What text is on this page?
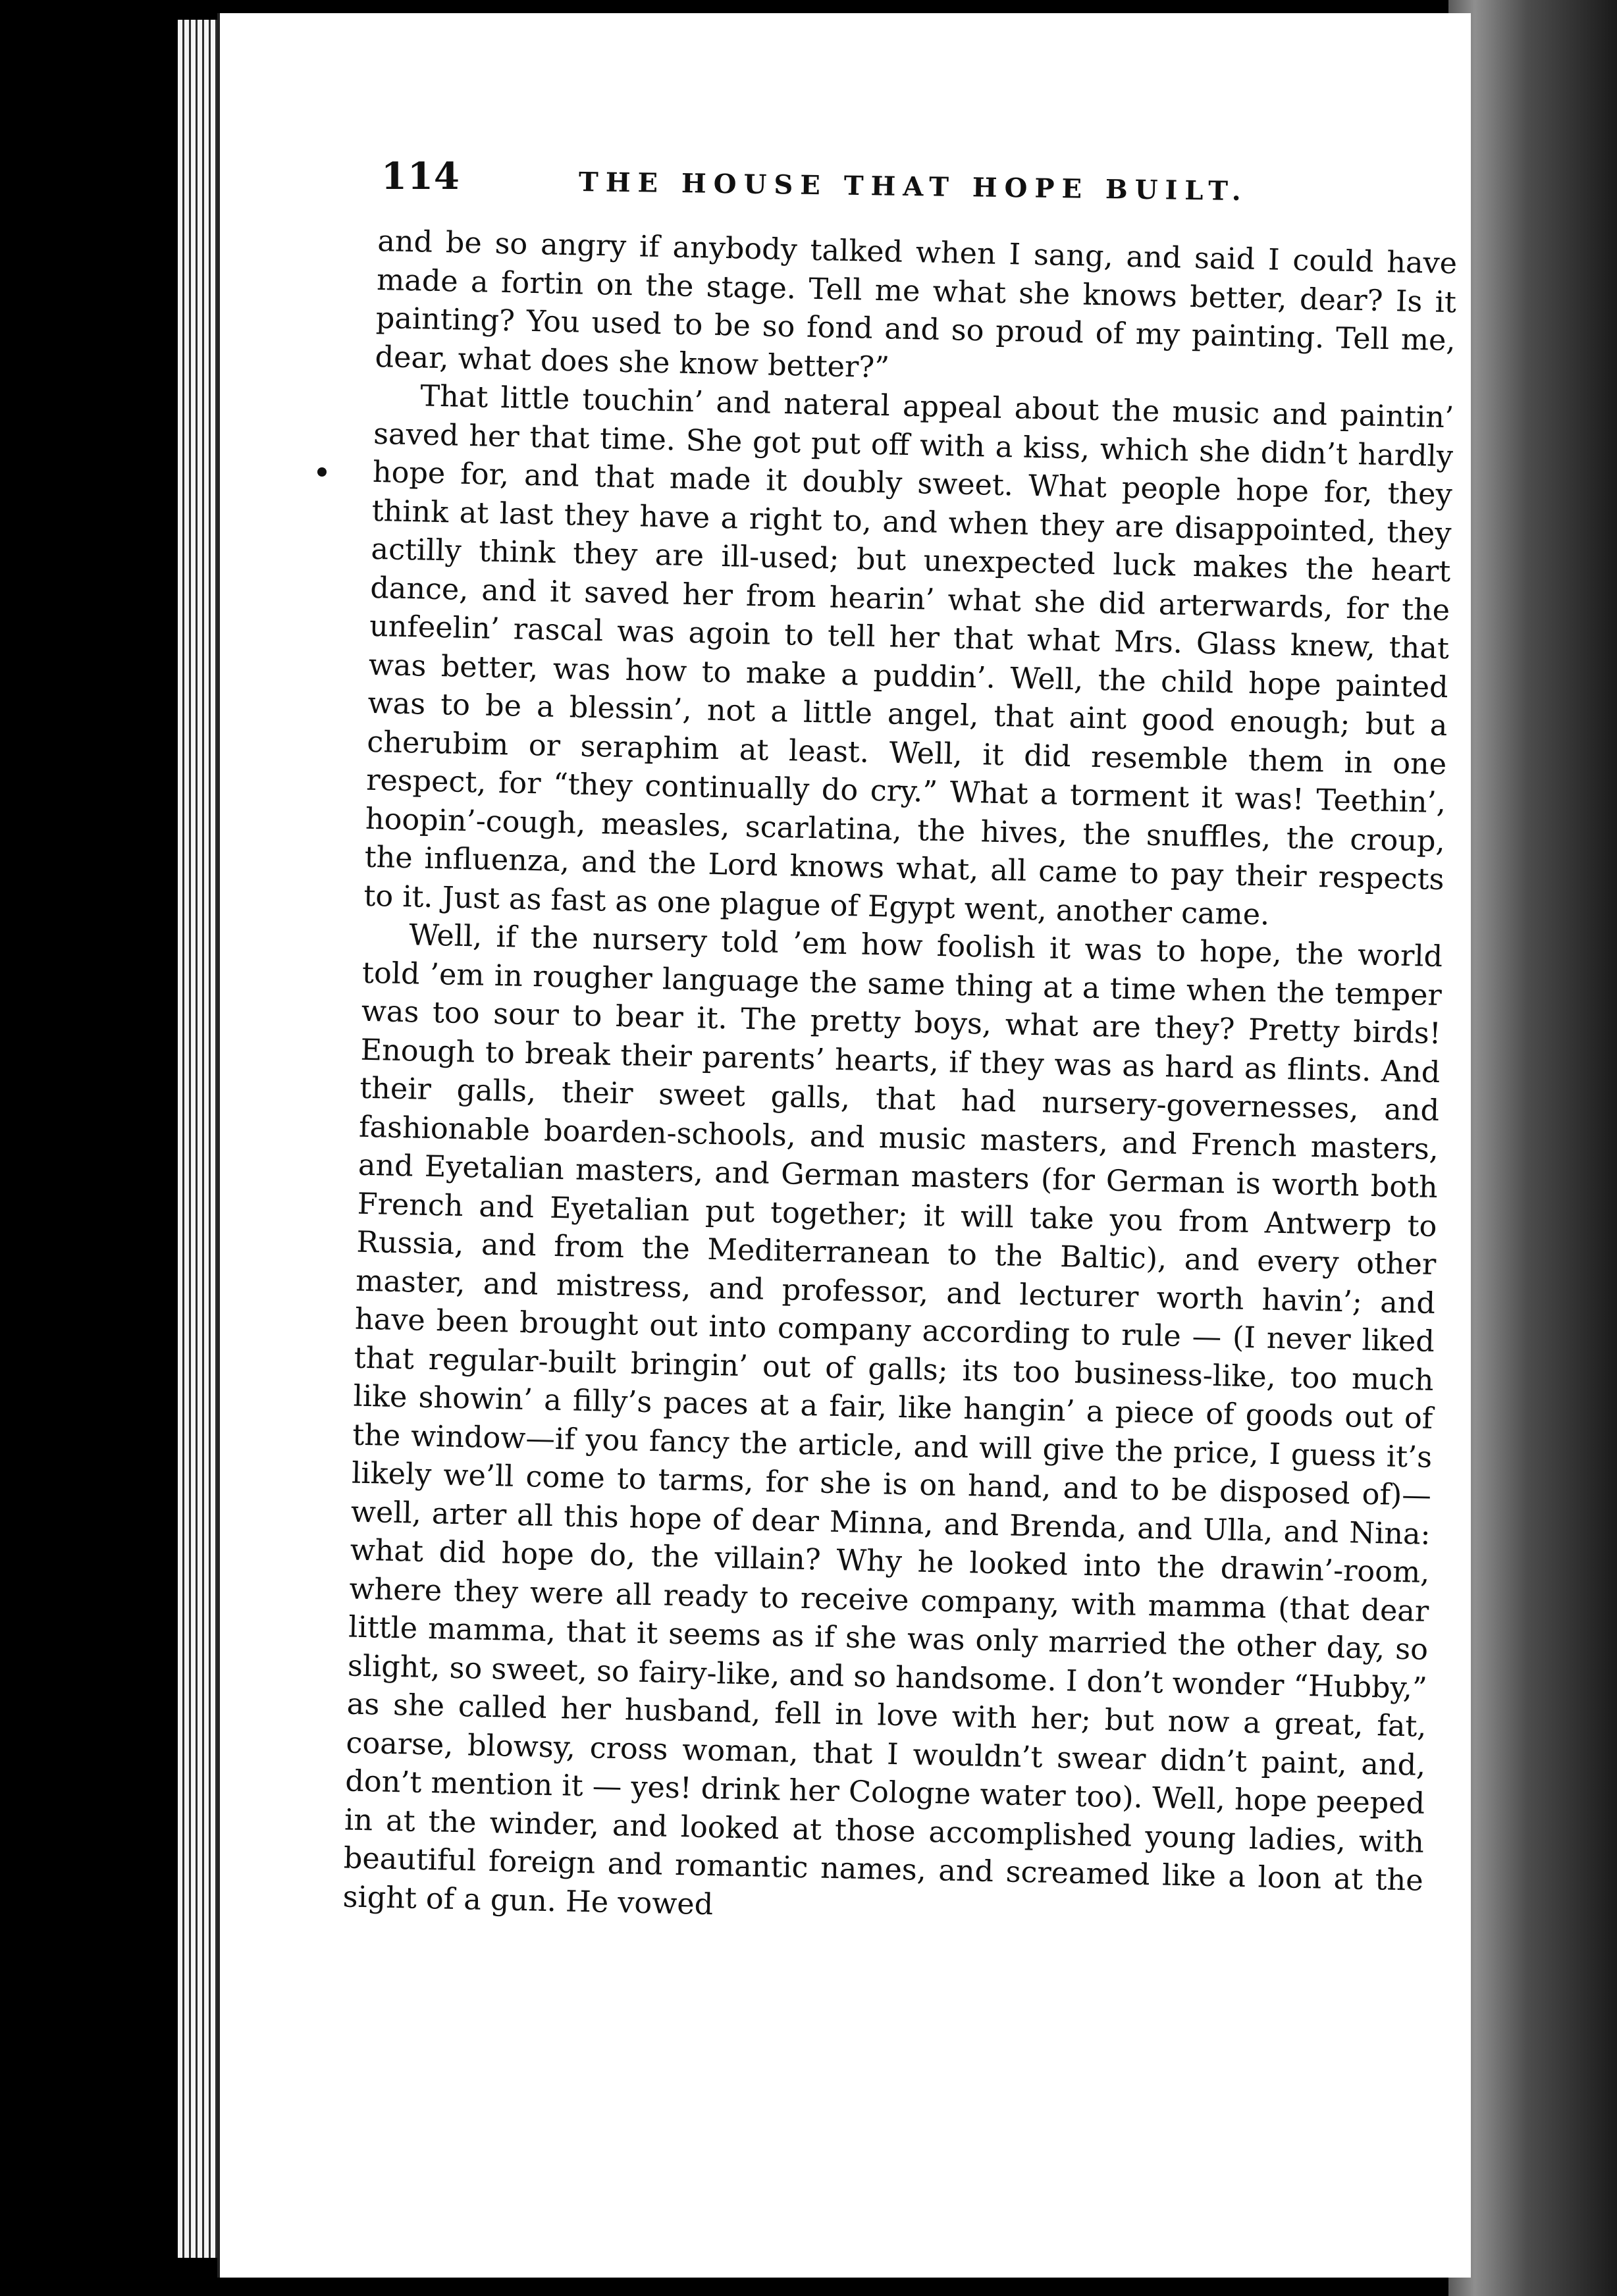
114	THE HOUSE THAT HOPE BUILT.

and be so angry if anybody talked when I sang, and said I could have made a fortin on the stage. Tell me what she knows better, dear? Is it painting? You used to be so fond and so proud of my painting. Tell me, dear, what does she know better?”

That little touchin’ and nateral appeal about the music and paintin’ saved her that time. She got put off with a kiss, which she didn’t hardly hope for, and that made it doubly sweet. What people hope for, they think at last they have a right to, and when they are disappointed, they actilly think they are ill-used; but unexpected luck makes the heart dance, and it saved her from hearin’ what she did arterwards, for the unfeelin’ rascal was agoin to tell her that what Mrs. Glass knew, that was better, was how to make a puddin’. Well, the child hope painted was to be a blessin’, not a little angel, that aint good enough; but a cherubim or seraphim at least. Well, it did resemble them in one respect, for “they continually do cry.” What a torment it was! Teethin’, hoopin’-cough, measles, scarlatina, the hives, the snuffles, the croup, the influenza, and the Lord knows what, all came to pay their respects to it. Just as fast as one plague of Egypt went, another came.

Well, if the nursery told ’em how foolish it was to hope, the world told ’em in rougher language the same thing at a time when the temper was too sour to bear it. The pretty boys, what are they? Pretty birds! Enough to break their parents’ hearts, if they was as hard as flints. And their galls, their sweet galls, that had nursery-governesses, and fashionable boarden-schools, and music masters, and French masters, and Eyetalian masters, and German masters (for German is worth both French and Eyetalian put together; it will take you from Antwerp to Russia, and from the Mediterranean to the Baltic), and every other master, and mistress, and professor, and lecturer worth havin’; and have been brought out into company according to rule — (I never liked that regular-built bringin’ out of galls; its too business-like, too much like showin’ a filly’s paces at a fair, like hangin’ a piece of goods out of the window—if you fancy the article, and will give the price, I guess it’s likely we’ll come to tarms, for she is on hand, and to be disposed of)—well, arter all this hope of dear Minna, and Brenda, and Ulla, and Nina: what did hope do, the villain? Why he looked into the drawin’-room, where they were all ready to receive company, with mamma (that dear little mamma, that it seems as if she was only married the other day, so slight, so sweet, so fairy-like, and so handsome. I don’t wonder “Hubby,” as she called her husband, fell in love with her; but now a great, fat, coarse, blowsy, cross woman, that I wouldn’t swear didn’t paint, and, don’t mention it — yes! drink her Cologne water too). Well, hope peeped in at the winder, and looked at those accomplished young ladies, with beautiful foreign and romantic names, and screamed like a loon at the sight of a gun. He vowed
